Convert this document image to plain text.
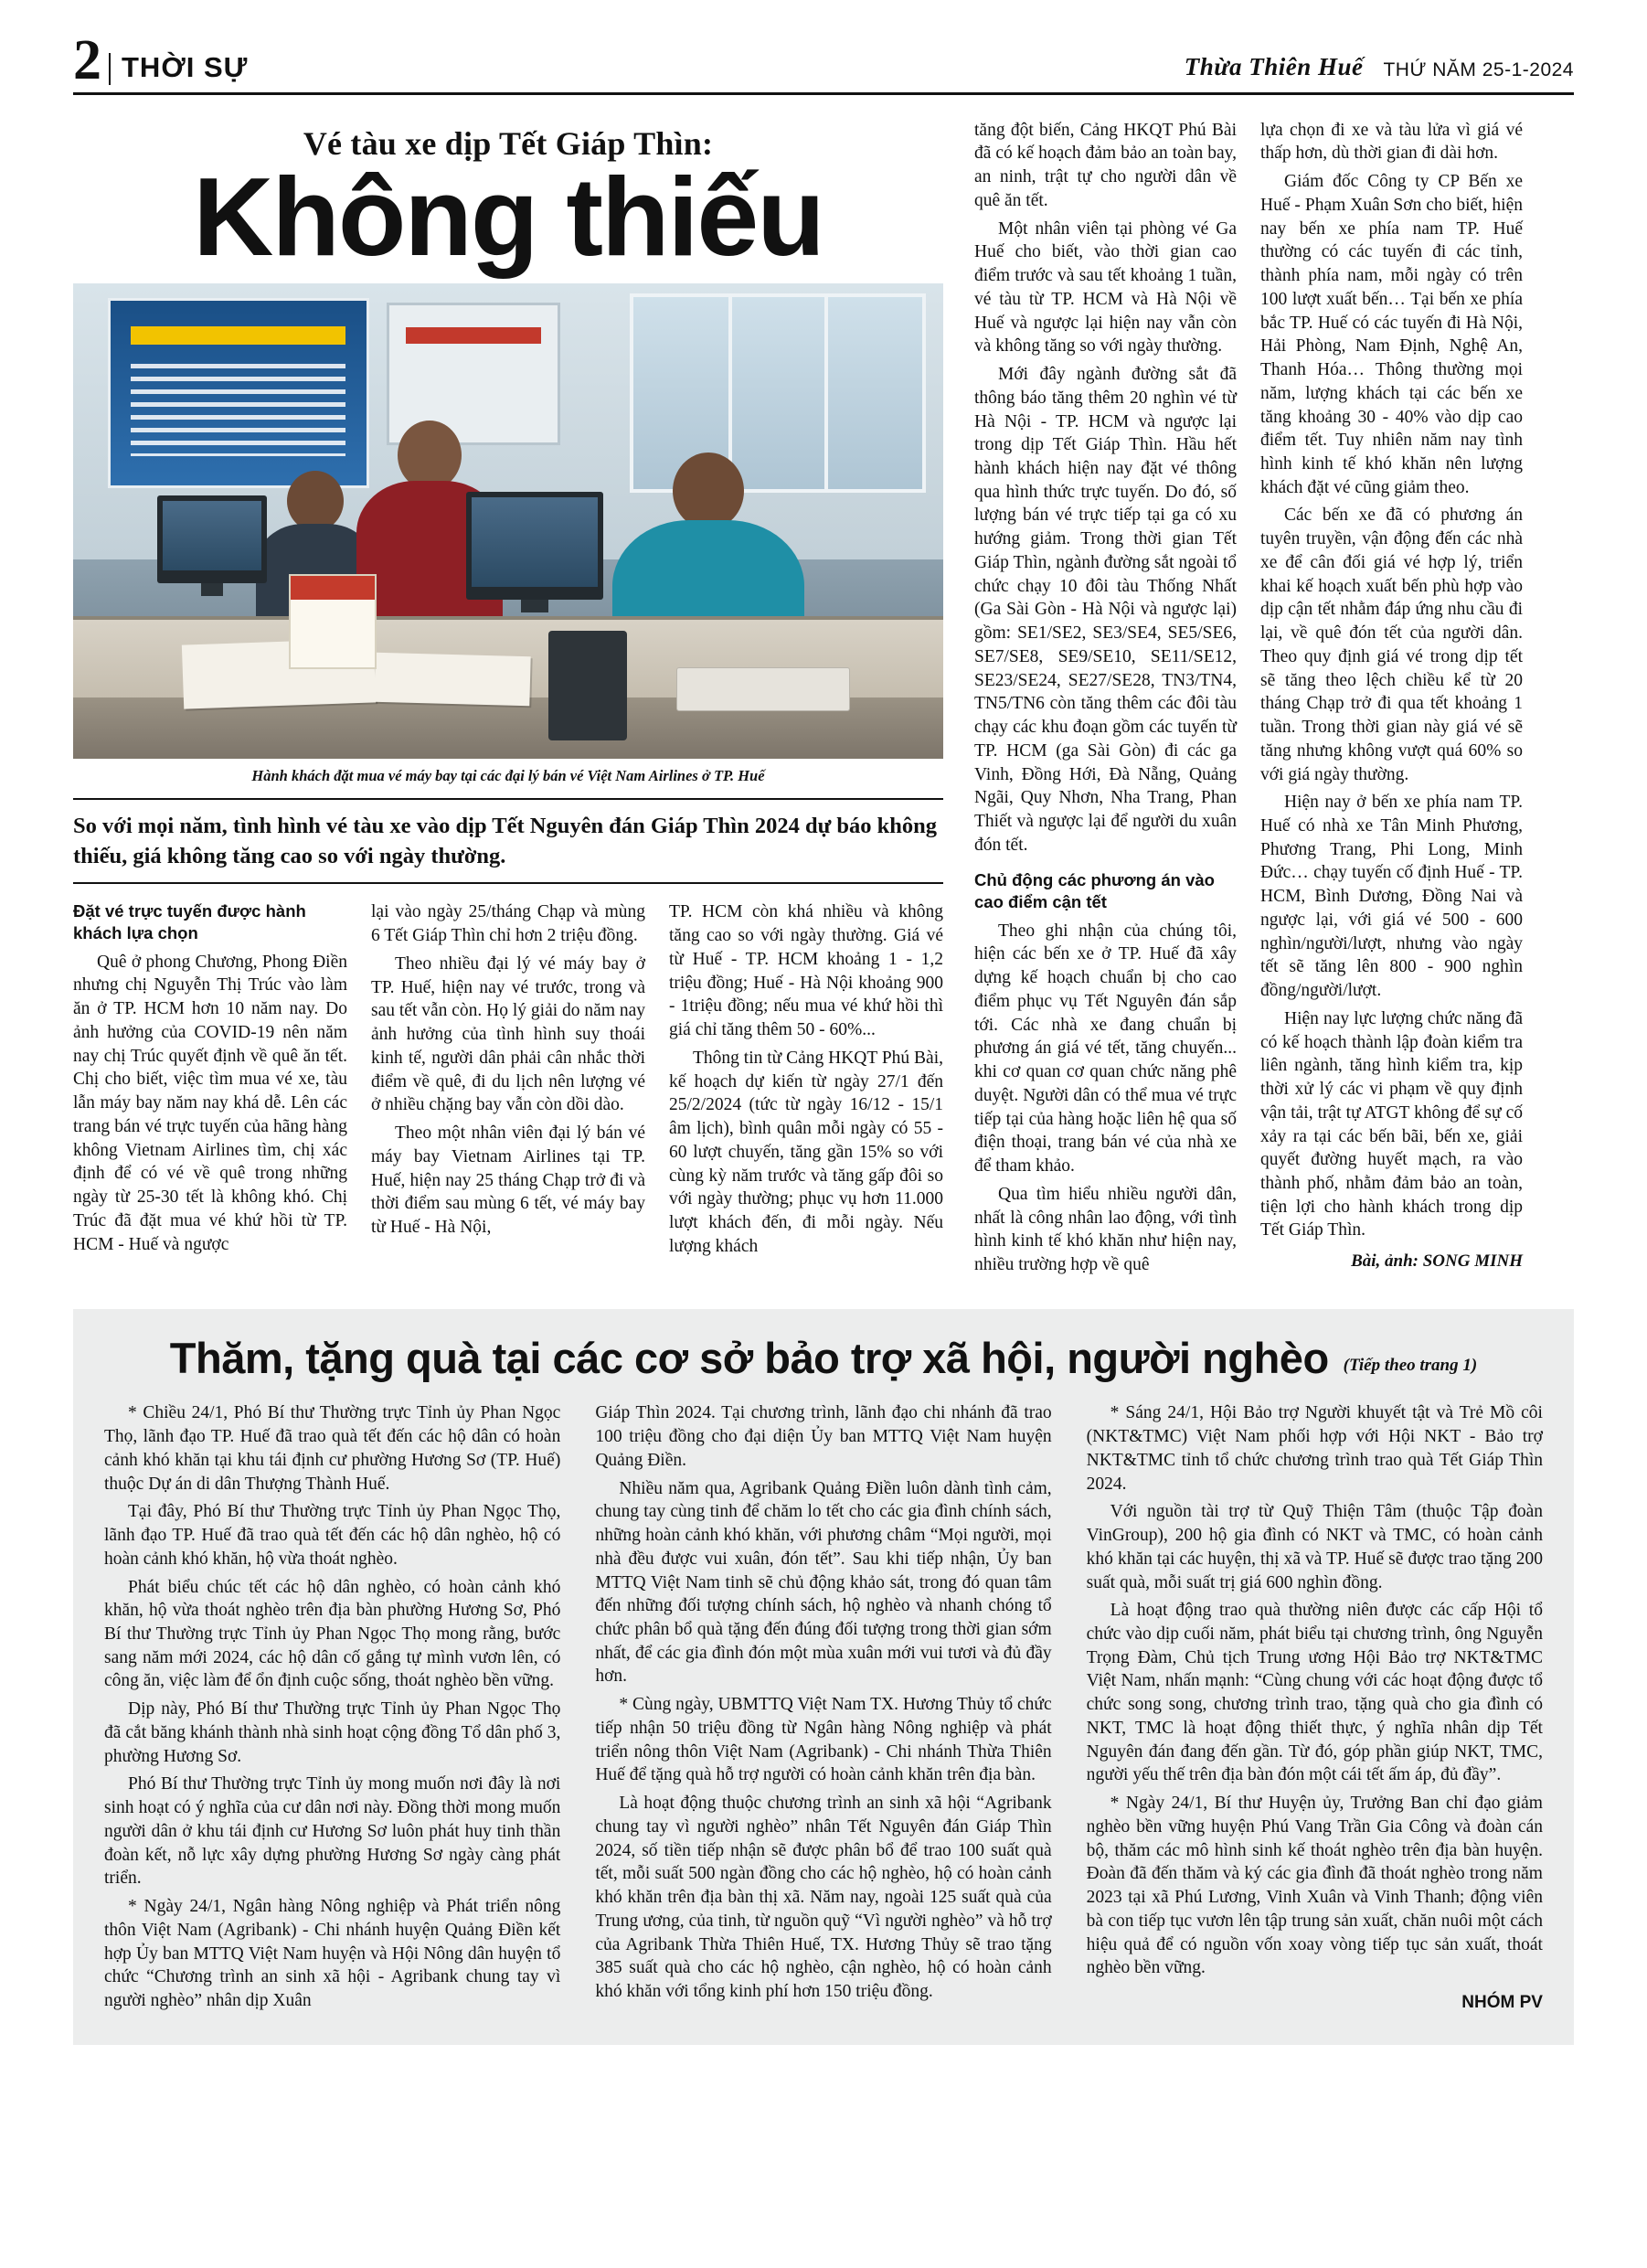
2 THỜI SỰ	Thừa Thiên Huế THỨ NĂM 25-1-2024
Vé tàu xe dịp Tết Giáp Thìn:
Không thiếu
Hành khách đặt mua vé máy bay tại các đại lý bán vé Việt Nam Airlines ở TP. Huế
So với mọi năm, tình hình vé tàu xe vào dịp Tết Nguyên đán Giáp Thìn 2024 dự báo không thiếu, giá không tăng cao so với ngày thường.
Đặt vé trực tuyến được hành khách lựa chọn

Quê ở phong Chương, Phong Điền nhưng chị Nguyễn Thị Trúc vào làm ăn ở TP. HCM hơn 10 năm nay. Do ảnh hưởng của COVID-19 nên năm nay chị Trúc quyết định về quê ăn tết. Chị cho biết, việc tìm mua vé xe, tàu lẫn máy bay năm nay khá dễ. Lên các trang bán vé trực tuyến của hãng hàng không Vietnam Airlines tìm, chị xác định để có vé về quê trong những ngày từ 25-30 tết là không khó. Chị Trúc đã đặt mua vé khứ hồi từ TP. HCM - Huế và ngược

lại vào ngày 25/tháng Chạp và mùng 6 Tết Giáp Thìn chỉ hơn 2 triệu đồng.

Theo nhiều đại lý vé máy bay ở TP. Huế, hiện nay vé trước, trong và sau tết vẫn còn. Họ lý giải do năm nay ảnh hưởng của tình hình suy thoái kinh tế, người dân phải cân nhắc thời điểm về quê, đi du lịch nên lượng vé ở nhiều chặng bay vẫn còn dồi dào.

Theo một nhân viên đại lý bán vé máy bay Vietnam Airlines tại TP. Huế, hiện nay 25 tháng Chạp trở đi và thời điểm sau mùng 6 tết, vé máy bay từ Huế - Hà Nội,

TP. HCM còn khá nhiều và không tăng cao so với ngày thường. Giá vé từ Huế - TP. HCM khoảng 1 - 1,2 triệu đồng; Huế - Hà Nội khoảng 900 - 1triệu đồng; nếu mua vé khứ hồi thì giá chỉ tăng thêm 50 - 60%...

Thông tin từ Cảng HKQT Phú Bài, kế hoạch dự kiến từ ngày 27/1 đến 25/2/2024 (tức từ ngày 16/12 - 15/1 âm lịch), bình quân mỗi ngày có 55 - 60 lượt chuyến, tăng gần 15% so với cùng kỳ năm trước và tăng gấp đôi so với ngày thường; phục vụ hơn 11.000 lượt khách đến, đi mỗi ngày. Nếu lượng khách

tăng đột biến, Cảng HKQT Phú Bài đã có kế hoạch đảm bảo an toàn bay, an ninh, trật tự cho người dân về quê ăn tết.

Một nhân viên tại phòng vé Ga Huế cho biết, vào thời gian cao điểm trước và sau tết khoảng 1 tuần, vé tàu từ TP. HCM và Hà Nội về Huế và ngược lại hiện nay vẫn còn và không tăng so với ngày thường.

Mới đây ngành đường sắt đã thông báo tăng thêm 20 nghìn vé từ Hà Nội - TP. HCM và ngược lại trong dịp Tết Giáp Thìn. Hầu hết hành khách hiện nay đặt vé thông qua hình thức trực tuyến. Do đó, số lượng bán vé trực tiếp tại ga có xu hướng giảm. Trong thời gian Tết Giáp Thìn, ngành đường sắt ngoài tổ chức chạy 10 đôi tàu Thống Nhất (Ga Sài Gòn - Hà Nội và ngược lại) gồm: SE1/SE2, SE3/SE4, SE5/SE6, SE7/SE8, SE9/SE10, SE11/SE12, SE23/SE24, SE27/SE28, TN3/TN4, TN5/TN6 còn tăng thêm các đôi tàu chạy các khu đoạn gồm các tuyến từ TP. HCM (ga Sài Gòn) đi các ga Vinh, Đồng Hới, Đà Nẵng, Quảng Ngãi, Quy Nhơn, Nha Trang, Phan Thiết và ngược lại để người du xuân đón tết.

Chủ động các phương án vào cao điểm cận tết

Theo ghi nhận của chúng tôi, hiện các bến xe ở TP. Huế đã xây dựng kế hoạch chuẩn bị cho cao điểm phục vụ Tết Nguyên đán sắp tới. Các nhà xe đang chuẩn bị phương án giá vé tết, tăng chuyến... khi cơ quan cơ quan chức năng phê duyệt. Người dân có thể mua vé trực tiếp tại của hàng hoặc liên hệ qua số điện thoại, trang bán vé của nhà xe để tham khảo.

Qua tìm hiểu nhiều người dân, nhất là công nhân lao động, với tình hình kinh tế khó khăn như hiện nay, nhiều trường hợp về quê

lựa chọn đi xe và tàu lửa vì giá vé thấp hơn, dù thời gian đi dài hơn.

Giám đốc Công ty CP Bến xe Huế - Phạm Xuân Sơn cho biết, hiện nay bến xe phía nam TP. Huế thường có các tuyến đi các tỉnh, thành phía nam, mỗi ngày có trên 100 lượt xuất bến… Tại bến xe phía bắc TP. Huế có các tuyến đi Hà Nội, Hải Phòng, Nam Định, Nghệ An, Thanh Hóa… Thông thường mọi năm, lượng khách tại các bến xe tăng khoảng 30 - 40% vào dịp cao điểm tết. Tuy nhiên năm nay tình hình kinh tế khó khăn nên lượng khách đặt vé cũng giảm theo.

Các bến xe đã có phương án tuyên truyền, vận động đến các nhà xe để cân đối giá vé hợp lý, triển khai kế hoạch xuất bến phù hợp vào dịp cận tết nhằm đáp ứng nhu cầu đi lại, về quê đón tết của người dân. Theo quy định giá vé trong dịp tết sẽ tăng theo lệch chiều kể từ 20 tháng Chạp trở đi qua tết khoảng 1 tuần. Trong thời gian này giá vé sẽ tăng nhưng không vượt quá 60% so với giá ngày thường.

Hiện nay ở bến xe phía nam TP. Huế có nhà xe Tân Minh Phương, Phương Trang, Phi Long, Minh Đức… chạy tuyến cố định Huế - TP. HCM, Bình Dương, Đồng Nai và ngược lại, với giá vé 500 - 600 nghìn/người/lượt, nhưng vào ngày tết sẽ tăng lên 800 - 900 nghìn đồng/người/lượt.

Hiện nay lực lượng chức năng đã có kế hoạch thành lập đoàn kiểm tra liên ngành, tăng hình kiểm tra, kịp thời xử lý các vi phạm về quy định vận tải, trật tự ATGT không để sự cố xảy ra tại các bến bãi, bến xe, giải quyết đường huyết mạch, ra vào thành phố, nhằm đảm bảo an toàn, tiện lợi cho hành khách trong dịp Tết Giáp Thìn.

Bài, ảnh: SONG MINH
Thăm, tặng quà tại các cơ sở bảo trợ xã hội, người nghèo (Tiếp theo trang 1)

* Chiều 24/1, Phó Bí thư Thường trực Tỉnh ủy Phan Ngọc Thọ, lãnh đạo TP. Huế đã trao quà tết đến các hộ dân có hoàn cảnh khó khăn tại khu tái định cư phường Hương Sơ (TP. Huế) thuộc Dự án di dân Thượng Thành Huế.

Tại đây, Phó Bí thư Thường trực Tỉnh ủy Phan Ngọc Thọ, lãnh đạo TP. Huế đã trao quà tết đến các hộ dân nghèo, hộ có hoàn cảnh khó khăn, hộ vừa thoát nghèo.

Phát biểu chúc tết các hộ dân nghèo, có hoàn cảnh khó khăn, hộ vừa thoát nghèo trên địa bàn phường Hương Sơ, Phó Bí thư Thường trực Tỉnh ủy Phan Ngọc Thọ mong rằng, bước sang năm mới 2024, các hộ dân cố gắng tự mình vươn lên, có công ăn, việc làm để ổn định cuộc sống, thoát nghèo bền vững.

Dịp này, Phó Bí thư Thường trực Tỉnh ủy Phan Ngọc Thọ đã cắt băng khánh thành nhà sinh hoạt cộng đồng Tổ dân phố 3, phường Hương Sơ.

Phó Bí thư Thường trực Tỉnh ủy mong muốn nơi đây là nơi sinh hoạt có ý nghĩa của cư dân nơi này. Đồng thời mong muốn người dân ở khu tái định cư Hương Sơ luôn phát huy tinh thần đoàn kết, nỗ lực xây dựng phường Hương Sơ ngày càng phát triển.

* Ngày 24/1, Ngân hàng Nông nghiệp và Phát triển nông thôn Việt Nam (Agribank) - Chi nhánh huyện Quảng Điền kết hợp Ủy ban MTTQ Việt Nam huyện và Hội Nông dân huyện tổ chức “Chương trình an sinh xã hội - Agribank chung tay vì người nghèo” nhân dịp Xuân

Giáp Thìn 2024. Tại chương trình, lãnh đạo chi nhánh đã trao 100 triệu đồng cho đại diện Ủy ban MTTQ Việt Nam huyện Quảng Điền.

Nhiều năm qua, Agribank Quảng Điền luôn dành tình cảm, chung tay cùng tinh để chăm lo tết cho các gia đình chính sách, những hoàn cảnh khó khăn, với phương châm “Mọi người, mọi nhà đều được vui xuân, đón tết”. Sau khi tiếp nhận, Ủy ban MTTQ Việt Nam tinh sẽ chủ động khảo sát, trong đó quan tâm đến những đối tượng chính sách, hộ nghèo và nhanh chóng tổ chức phân bổ quà tặng đến đúng đối tượng trong thời gian sớm nhất, để các gia đình đón một mùa xuân mới vui tươi và đủ đầy hơn.

* Cùng ngày, UBMTTQ Việt Nam TX. Hương Thủy tổ chức tiếp nhận 50 triệu đồng từ Ngân hàng Nông nghiệp và phát triển nông thôn Việt Nam (Agribank) - Chi nhánh Thừa Thiên Huế để tặng quà hỗ trợ người có hoàn cảnh khăn trên địa bàn.

Là hoạt động thuộc chương trình an sinh xã hội “Agribank chung tay vì người nghèo” nhân Tết Nguyên đán Giáp Thìn 2024, số tiền tiếp nhận sẽ được phân bổ để trao 100 suất quà tết, mỗi suất 500 ngàn đồng cho các hộ nghèo, hộ có hoàn cảnh khó khăn trên địa bàn thị xã. Năm nay, ngoài 125 suất quà của Trung ương, của tinh, từ nguồn quỹ “Vì người nghèo” và hỗ trợ của Agribank Thừa Thiên Huế, TX. Hương Thủy sẽ trao tặng 385 suất quà cho các hộ nghèo, cận nghèo, hộ có hoàn cảnh khó khăn với tổng kinh phí hơn 150 triệu đồng.

* Sáng 24/1, Hội Bảo trợ Người khuyết tật và Trẻ Mồ côi (NKT&TMC) Việt Nam phối hợp với Hội NKT - Bảo trợ NKT&TMC tỉnh tổ chức chương trình trao quà Tết Giáp Thìn 2024.

Với nguồn tài trợ từ Quỹ Thiện Tâm (thuộc Tập đoàn VinGroup), 200 hộ gia đình có NKT và TMC, có hoàn cảnh khó khăn tại các huyện, thị xã và TP. Huế sẽ được trao tặng 200 suất quà, mỗi suất trị giá 600 nghìn đồng.

Là hoạt động trao quà thường niên được các cấp Hội tổ chức vào dịp cuối năm, phát biểu tại chương trình, ông Nguyễn Trọng Đàm, Chủ tịch Trung ương Hội Bảo trợ NKT&TMC Việt Nam, nhấn mạnh: “Cùng chung với các hoạt động được tổ chức song song, chương trình trao, tặng quà cho gia đình có NKT, TMC là hoạt động thiết thực, ý nghĩa nhân dịp Tết Nguyên đán đang đến gần. Từ đó, góp phần giúp NKT, TMC, người yếu thế trên địa bàn đón một cái tết ấm áp, đủ đầy”.

* Ngày 24/1, Bí thư Huyện ủy, Trưởng Ban chỉ đạo giảm nghèo bền vững huyện Phú Vang Trần Gia Công và đoàn cán bộ, thăm các mô hình sinh kế thoát nghèo trên địa bàn huyện. Đoàn đã đến thăm và ký các gia đình đã thoát nghèo trong năm 2023 tại xã Phú Lương, Vinh Xuân và Vinh Thanh; động viên bà con tiếp tục vươn lên tập trung sản xuất, chăn nuôi một cách hiệu quả để có nguồn vốn xoay vòng tiếp tục sản xuất, thoát nghèo bền vững.

NHÓM PV
